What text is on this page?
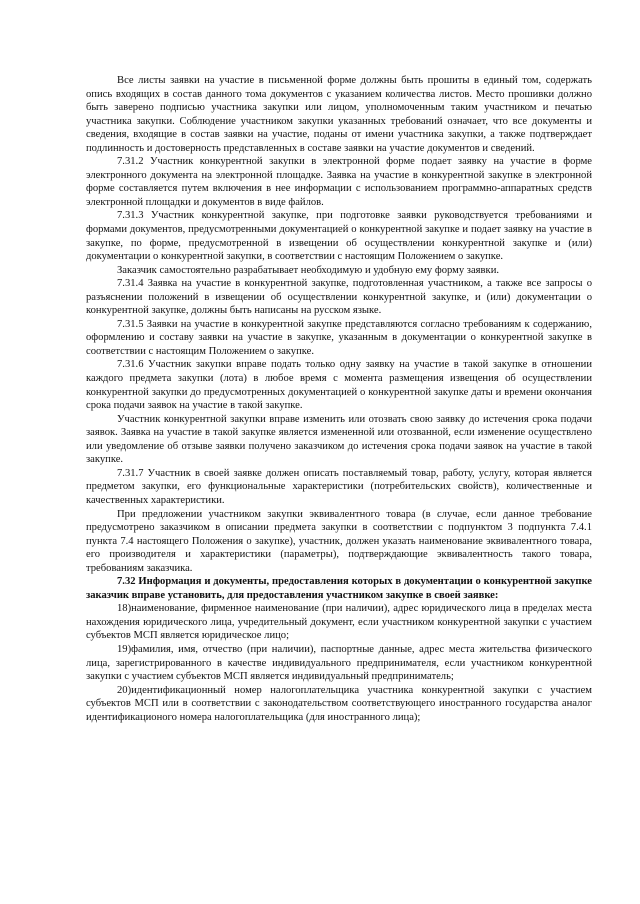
Все листы заявки на участие в письменной форме должны быть прошиты в единый том, содержать опись входящих в состав данного тома документов с указанием количества листов. Место прошивки должно быть заверено подписью участника закупки или лицом, уполномоченным таким участником и печатью участника закупки. Соблюдение участником закупки указанных требований означает, что все документы и сведения, входящие в состав заявки на участие, поданы от имени участника закупки, а также подтверждает подлинность и достоверность представленных в составе заявки на участие документов и сведений.

7.31.2 Участник конкурентной закупки в электронной форме подает заявку на участие в форме электронного документа на электронной площадке. Заявка на участие в конкурентной закупке в электронной форме составляется путем включения в нее информации с использованием программно-аппаратных средств электронной площадки и документов в виде файлов.

7.31.3 Участник конкурентной закупке, при подготовке заявки руководствуется требованиями и формами документов, предусмотренными документацией о конкурентной закупке и подает заявку на участие в закупке, по форме, предусмотренной в извещении об осуществлении конкурентной закупке и (или) документации о конкурентной закупки, в соответствии с настоящим Положением о закупке.

Заказчик самостоятельно разрабатывает необходимую и удобную ему форму заявки.

7.31.4 Заявка на участие в конкурентной закупке, подготовленная участником, а также все запросы о разъяснении положений в извещении об осуществлении конкурентной закупке, и (или) документации о конкурентной закупке, должны быть написаны на русском языке.

7.31.5 Заявки на участие в конкурентной закупке представляются согласно требованиям к содержанию, оформлению и составу заявки на участие в закупке, указанным в документации о конкурентной закупке в соответствии с настоящим Положением о закупке.

7.31.6 Участник закупки вправе подать только одну заявку на участие в такой закупке в отношении каждого предмета закупки (лота) в любое время с момента размещения извещения об осуществлении конкурентной закупки до предусмотренных документацией о конкурентной закупке даты и времени окончания срока подачи заявок на участие в такой закупке.

Участник конкурентной закупки вправе изменить или отозвать свою заявку до истечения срока подачи заявок. Заявка на участие в такой закупке является измененной или отозванной, если изменение осуществлено или уведомление об отзыве заявки получено заказчиком до истечения срока подачи заявок на участие в такой закупке.

7.31.7 Участник в своей заявке должен описать поставляемый товар, работу, услугу, которая является предметом закупки, его функциональные характеристики (потребительских свойств), количественные и качественных характеристики.

При предложении участником закупки эквивалентного товара (в случае, если данное требование предусмотрено заказчиком в описании предмета закупки в соответствии с подпунктом 3 подпункта 7.4.1 пункта 7.4 настоящего Положения о закупке), участник, должен указать наименование эквивалентного товара, его производителя и характеристики (параметры), подтверждающие эквивалентность такого товара, требованиям заказчика.

7.32 Информация и документы, предоставления которых в документации о конкурентной закупке заказчик вправе установить, для предоставления участником закупке в своей заявке:

18)наименование, фирменное наименование (при наличии), адрес юридического лица в пределах места нахождения юридического лица, учредительный документ, если участником конкурентной закупки с участием субъектов МСП является юридическое лицо;

19)фамилия, имя, отчество (при наличии), паспортные данные, адрес места жительства физического лица, зарегистрированного в качестве индивидуального предпринимателя, если участником конкурентной закупки с участием субъектов МСП является индивидуальный предприниматель;

20)идентификационный номер налогоплательщика участника конкурентной закупки с участием субъектов МСП или в соответствии с законодательством соответствующего иностранного государства аналог идентификационого номера налогоплательщика (для иностранного лица);
